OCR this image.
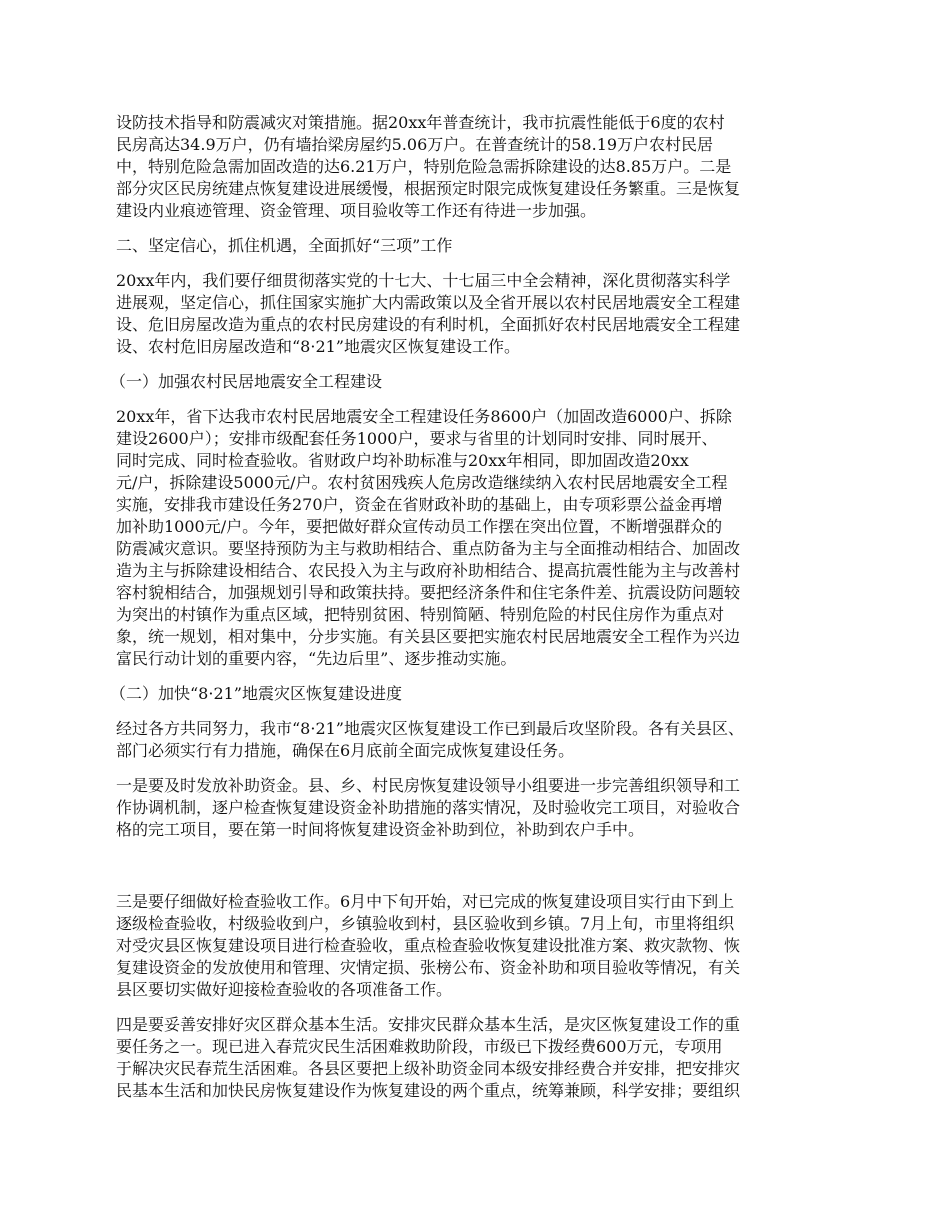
设防技术指导和防震减灾对策措施。据20xx年普查统计，我市抗震性能低于6度的农村
民房高达34.9万户，仍有墙抬梁房屋约5.06万户。在普查统计的58.19万户农村民居
中，特别危险急需加固改造的达6.21万户，特别危险急需拆除建设的达8.85万户。二是
部分灾区民房统建点恢复建设进展缓慢，根据预定时限完成恢复建设任务繁重。三是恢复
建设内业痕迹管理、资金管理、项目验收等工作还有待进一步加强。
二、坚定信心，抓住机遇，全面抓好“三项”工作
20xx年内，我们要仔细贯彻落实党的十七大、十七届三中全会精神，深化贯彻落实科学
进展观，坚定信心，抓住国家实施扩大内需政策以及全省开展以农村民居地震安全工程建
设、危旧房屋改造为重点的农村民房建设的有利时机，全面抓好农村民居地震安全工程建
设、农村危旧房屋改造和“8·21”地震灾区恢复建设工作。
（一）加强农村民居地震安全工程建设
20xx年，省下达我市农村民居地震安全工程建设任务8600户（加固改造6000户、拆除
建设2600户）；安排市级配套任务1000户，要求与省里的计划同时安排、同时展开、
同时完成、同时检查验收。省财政户均补助标准与20xx年相同，即加固改造20xx
元/户，拆除建设5000元/户。农村贫困残疾人危房改造继续纳入农村民居地震安全工程
实施，安排我市建设任务270户，资金在省财政补助的基础上，由专项彩票公益金再增
加补助1000元/户。今年，要把做好群众宣传动员工作摆在突出位置，不断增强群众的
防震减灾意识。要坚持预防为主与救助相结合、重点防备为主与全面推动相结合、加固改
造为主与拆除建设相结合、农民投入为主与政府补助相结合、提高抗震性能为主与改善村
容村貌相结合，加强规划引导和政策扶持。要把经济条件和住宅条件差、抗震设防问题较
为突出的村镇作为重点区域，把特别贫困、特别简陋、特别危险的村民住房作为重点对
象，统一规划，相对集中，分步实施。有关县区要把实施农村民居地震安全工程作为兴边
富民行动计划的重要内容，“先边后里”、逐步推动实施。
（二）加快“8·21”地震灾区恢复建设进度
经过各方共同努力，我市“8·21”地震灾区恢复建设工作已到最后攻坚阶段。各有关县区、
部门必须实行有力措施，确保在6月底前全面完成恢复建设任务。
一是要及时发放补助资金。县、乡、村民房恢复建设领导小组要进一步完善组织领导和工
作协调机制，逐户检查恢复建设资金补助措施的落实情况，及时验收完工项目，对验收合
格的完工项目，要在第一时间将恢复建设资金补助到位，补助到农户手中。
三是要仔细做好检查验收工作。6月中下旬开始，对已完成的恢复建设项目实行由下到上
逐级检查验收，村级验收到户，乡镇验收到村，县区验收到乡镇。7月上旬，市里将组织
对受灾县区恢复建设项目进行检查验收，重点检查验收恢复建设批准方案、救灾款物、恢
复建设资金的发放使用和管理、灾情定损、张榜公布、资金补助和项目验收等情况，有关
县区要切实做好迎接检查验收的各项准备工作。
四是要妥善安排好灾区群众基本生活。安排灾民群众基本生活，是灾区恢复建设工作的重
要任务之一。现已进入春荒灾民生活困难救助阶段，市级已下拨经费600万元，专项用
于解决灾民春荒生活困难。各县区要把上级补助资金同本级安排经费合并安排，把安排灾
民基本生活和加快民房恢复建设作为恢复建设的两个重点，统筹兼顾，科学安排；要组织
